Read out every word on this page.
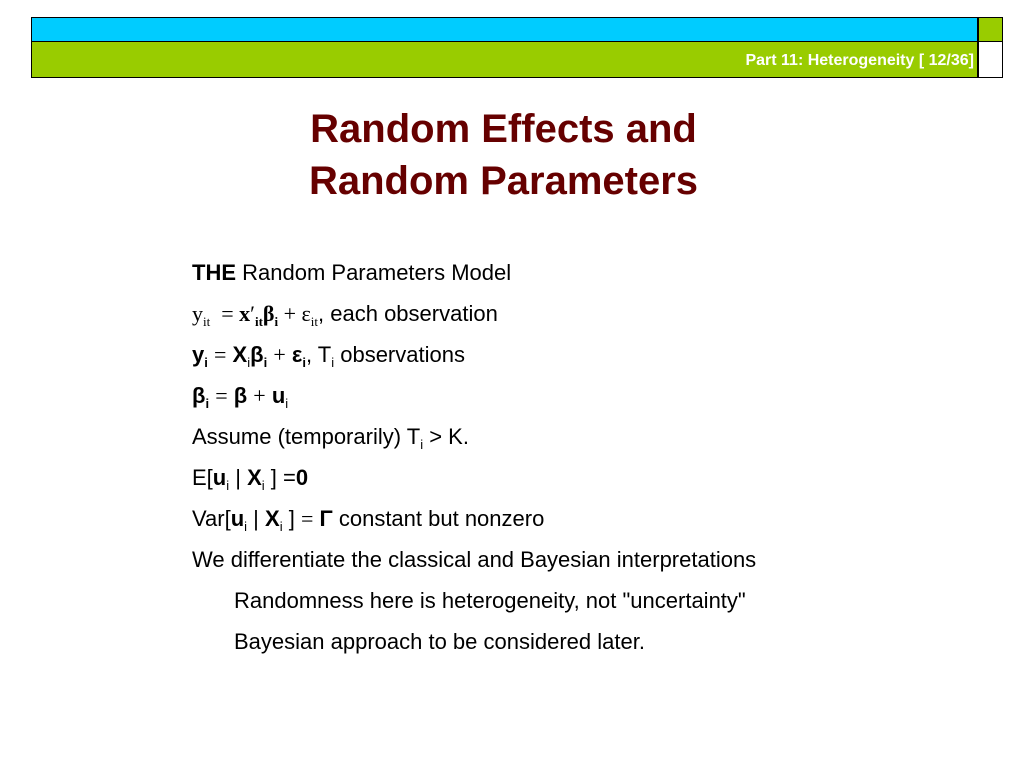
Part 11: Heterogeneity [ 12/36]
Random Effects and
Random Parameters
THE Random Parameters Model
$y_{it} = x'_{it}\beta_i + \varepsilon_{it}$, each observation
$y_i = X_i\beta_i + \varepsilon_i$, $T_i$ observations
$\beta_i = \beta + u_i$
Assume (temporarily) $T_i > K$.
$E[u_i$ | $X_i$ ] =0
$Var[u_i$ | $X_i$ ] = Γ constant but nonzero
We differentiate the classical and Bayesian interpretations
Randomness here is heterogeneity, not "uncertainty"
Bayesian approach to be considered later.
